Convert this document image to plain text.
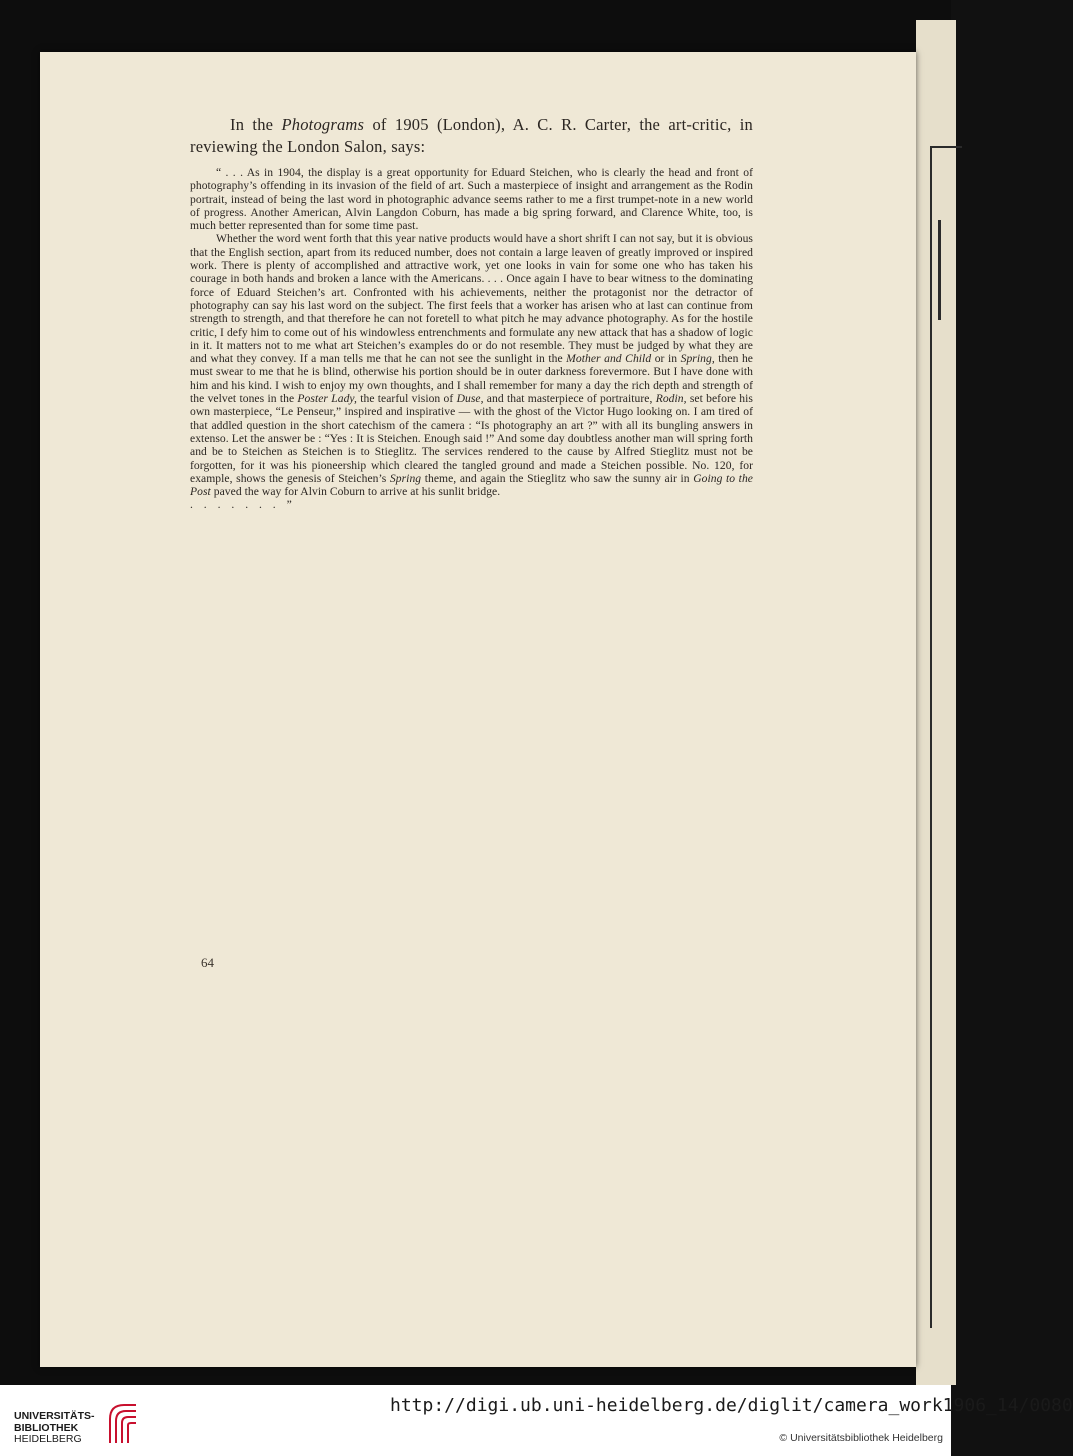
In the Photograms of 1905 (London), A. C. R. Carter, the art-critic, in reviewing the London Salon, says:

“ . . . As in 1904, the display is a great opportunity for Eduard Steichen, who is clearly the head and front of photography’s offending in its invasion of the field of art. Such a masterpiece of insight and arrangement as the Rodin portrait, instead of being the last word in photographic advance seems rather to me a first trumpet-note in a new world of progress. Another American, Alvin Langdon Coburn, has made a big spring forward, and Clarence White, too, is much better represented than for some time past.

Whether the word went forth that this year native products would have a short shrift I can not say, but it is obvious that the English section, apart from its reduced number, does not contain a large leaven of greatly improved or inspired work. There is plenty of accomplished and attractive work, yet one looks in vain for some one who has taken his courage in both hands and broken a lance with the Americans. . . . Once again I have to bear witness to the dominating force of Eduard Steichen’s art. Confronted with his achievements, neither the protagonist nor the detractor of photography can say his last word on the subject. The first feels that a worker has arisen who at last can continue from strength to strength, and that therefore he can not foretell to what pitch he may advance photography. As for the hostile critic, I defy him to come out of his windowless entrenchments and formulate any new attack that has a shadow of logic in it. It matters not to me what art Steichen’s examples do or do not resemble. They must be judged by what they are and what they convey. If a man tells me that he can not see the sunlight in the Mother and Child or in Spring, then he must swear to me that he is blind, otherwise his portion should be in outer darkness forevermore. But I have done with him and his kind. I wish to enjoy my own thoughts, and I shall remember for many a day the rich depth and strength of the velvet tones in the Poster Lady, the tearful vision of Duse, and that masterpiece of portraiture, Rodin, set before his own masterpiece, “Le Penseur,” inspired and inspirative — with the ghost of the Victor Hugo looking on. I am tired of that addled question in the short catechism of the camera : “Is photography an art ?” with all its bungling answers in extenso. Let the answer be : “Yes : It is Steichen. Enough said !” And some day doubtless another man will spring forth and be to Steichen as Steichen is to Stieglitz. The services rendered to the cause by Alfred Stieglitz must not be forgotten, for it was his pioneership which cleared the tangled ground and made a Steichen possible. No. 120, for example, shows the genesis of Steichen’s Spring theme, and again the Stieglitz who saw the sunny air in Going to the Post paved the way for Alvin Coburn to arrive at his sunlit bridge.

. . . . . . . ”

64
UNIVERSITÄTS-
BIBLIOTHEK
HEIDELBERG
http://digi.ub.uni-heidelberg.de/diglit/camera_work1906_14/0080
© Universitätsbibliothek Heidelberg
